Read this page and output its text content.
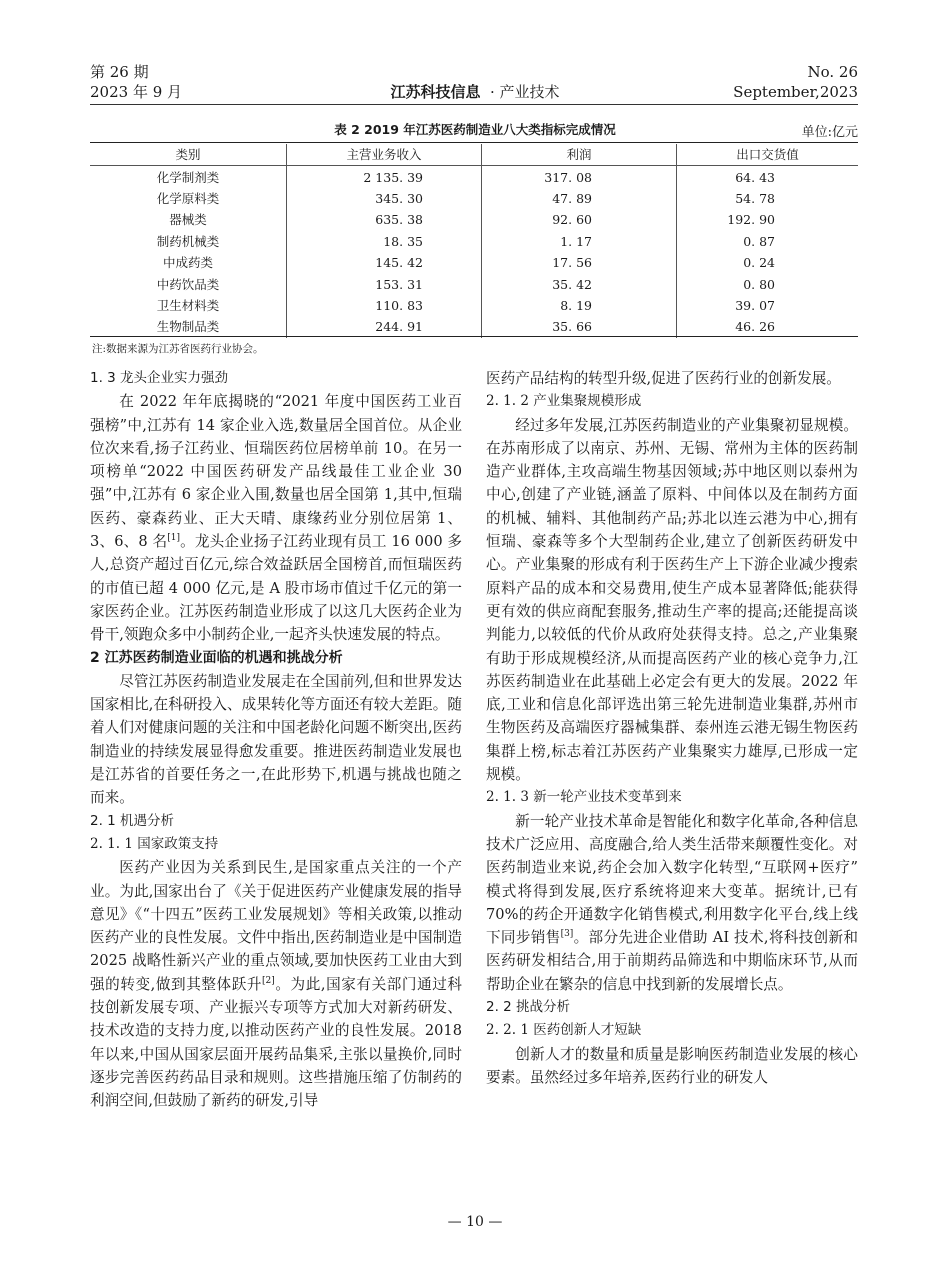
第 26 期
2023 年 9 月	江苏科技信息 · 产业技术
No. 26
September,2023
表 2 2019 年江苏医药制造业八大类指标完成情况	单位:亿元
类别	主营业务收入	利润	出口交货值
化学制剂类	2 135. 39	317. 08	64. 43
化学原料类	345. 30	47. 89	54. 78
器械类	635. 38	92. 60	192. 90
制药机械类	18. 35	1. 17	0. 87
中成药类	145. 42	17. 56	0. 24
中药饮品类	153. 31	35. 42	0. 80
卫生材料类	110. 83	8. 19	39. 07
生物制品类	244. 91	35. 66	46. 26
注:数据来源为江苏省医药行业协会。
1. 3 龙头企业实力强劲

在 2022 年年底揭晓的“2021 年度中国医药工业百强榜”中,江苏有 14 家企业入选,数量居全国首位。从企业位次来看,扬子江药业、恒瑞医药位居榜单前 10。在另一项榜单“2022 中国医药研发产品线最佳工业企业 30 强”中,江苏有 6 家企业入围,数量也居全国第 1,其中,恒瑞医药、豪森药业、正大天晴、康缘药业分别位居第 1、3、6、8 名[1]。龙头企业扬子江药业现有员工 16 000 多人,总资产超过百亿元,综合效益跃居全国榜首,而恒瑞医药的市值已超 4 000 亿元,是 A 股市场市值过千亿元的第一家医药企业。江苏医药制造业形成了以这几大医药企业为骨干,领跑众多中小制药企业,一起齐头快速发展的特点。

2 江苏医药制造业面临的机遇和挑战分析

尽管江苏医药制造业发展走在全国前列,但和世界发达国家相比,在科研投入、成果转化等方面还有较大差距。随着人们对健康问题的关注和中国老龄化问题不断突出,医药制造业的持续发展显得愈发重要。推进医药制造业发展也是江苏省的首要任务之一,在此形势下,机遇与挑战也随之而来。

2. 1 机遇分析
2. 1. 1 国家政策支持

医药产业因为关系到民生,是国家重点关注的一个产业。为此,国家出台了《关于促进医药产业健康发展的指导意见》《“十四五”医药工业发展规划》等相关政策,以推动医药产业的良性发展。文件中指出,医药制造业是中国制造 2025 战略性新兴产业的重点领域,要加快医药工业由大到强的转变,做到其整体跃升[2]。为此,国家有关部门通过科技创新发展专项、产业振兴专项等方式加大对新药研发、技术改造的支持力度,以推动医药产业的良性发展。2018 年以来,中国从国家层面开展药品集采,主张以量换价,同时逐步完善医药药品目录和规则。这些措施压缩了仿制药的利润空间,但鼓励了新药的研发,引导

医药产品结构的转型升级,促进了医药行业的创新发展。

2. 1. 2 产业集聚规模形成

经过多年发展,江苏医药制造业的产业集聚初显规模。在苏南形成了以南京、苏州、无锡、常州为主体的医药制造产业群体,主攻高端生物基因领域;苏中地区则以泰州为中心,创建了产业链,涵盖了原料、中间体以及在制药方面的机械、辅料、其他制药产品;苏北以连云港为中心,拥有恒瑞、豪森等多个大型制药企业,建立了创新医药研发中心。产业集聚的形成有利于医药生产上下游企业减少搜索原料产品的成本和交易费用,使生产成本显著降低;能获得更有效的供应商配套服务,推动生产率的提高;还能提高谈判能力,以较低的代价从政府处获得支持。总之,产业集聚有助于形成规模经济,从而提高医药产业的核心竞争力,江苏医药制造业在此基础上必定会有更大的发展。2022 年底,工业和信息化部评选出第三轮先进制造业集群,苏州市生物医药及高端医疗器械集群、泰州连云港无锡生物医药集群上榜,标志着江苏医药产业集聚实力雄厚,已形成一定规模。

2. 1. 3 新一轮产业技术变革到来

新一轮产业技术革命是智能化和数字化革命,各种信息技术广泛应用、高度融合,给人类生活带来颠覆性变化。对医药制造业来说,药企会加入数字化转型,“互联网+医疗” 模式将得到发展,医疗系统将迎来大变革。据统计,已有 70%的药企开通数字化销售模式,利用数字化平台,线上线下同步销售[3]。部分先进企业借助 AI 技术,将科技创新和医药研发相结合,用于前期药品筛选和中期临床环节,从而帮助企业在繁杂的信息中找到新的发展增长点。

2. 2 挑战分析
2. 2. 1 医药创新人才短缺

创新人才的数量和质量是影响医药制造业发展的核心要素。虽然经过多年培养,医药行业的研发人

— 10 —
